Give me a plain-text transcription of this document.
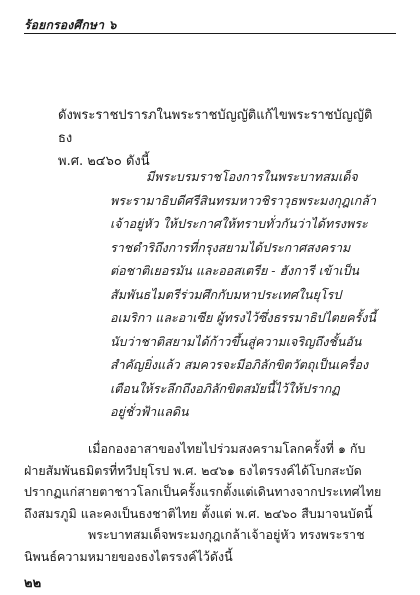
ร้อยกรองศึกษา ๖

ดังพระราชปรารภในพระราชบัญญัติแก้ไขพระราชบัญญัติธง

พ.ศ. ๒๔๖๐ ดังนี้

มีพระบรมราชโองการในพระบาทสมเด็จ
พระรามาธิบดีศรีสินทรมหาวชิราวุธพระมงกุฎเกล้า
เจ้าอยู่หัว ให้ประกาศให้ทราบทั่วกันว่าได้ทรงพระ
ราชดำริถึงการที่กรุงสยามได้ประกาศสงคราม
ต่อชาติเยอรมัน และออสเตรีย - ฮังการี เข้าเป็น
สัมพันธไมตรีร่วมศึกกับมหาประเทศในยุโรป
อเมริกา และอาเซีย ผู้ทรงไว้ซึ่งธรรมาธิปไตยครั้งนี้
นับว่าชาติสยามได้ก้าวขึ้นสู่ความเจริญถึงชั้นอัน
สำคัญยิ่งแล้ว สมควรจะมีอภิลักขิตวัตถุเป็นเครื่อง
เตือนให้ระลึกถึงอภิลักขิตสมัยนี้ไว้ให้ปรากฏ
อยู่ชั่วฟ้าแลดิน
เมื่อกองอาสาของไทยไปร่วมสงครามโลกครั้งที่ ๑ กับ
ฝ่ายสัมพันธมิตรที่ทวีปยุโรป พ.ศ. ๒๔๖๑ ธงไตรรงค์ได้โบกสะบัด
ปรากฏแก่สายตาชาวโลกเป็นครั้งแรกตั้งแต่เดินทางจากประเทศไทย
ถึงสมรภูมิ และคงเป็นธงชาติไทย ตั้งแต่ พ.ศ. ๒๔๖๐ สืบมาจนบัดนี้
พระบาทสมเด็จพระมงกุฎเกล้าเจ้าอยู่หัว ทรงพระราช
นิพนธ์ความหมายของธงไตรรงค์ไว้ดังนี้
๒๒
